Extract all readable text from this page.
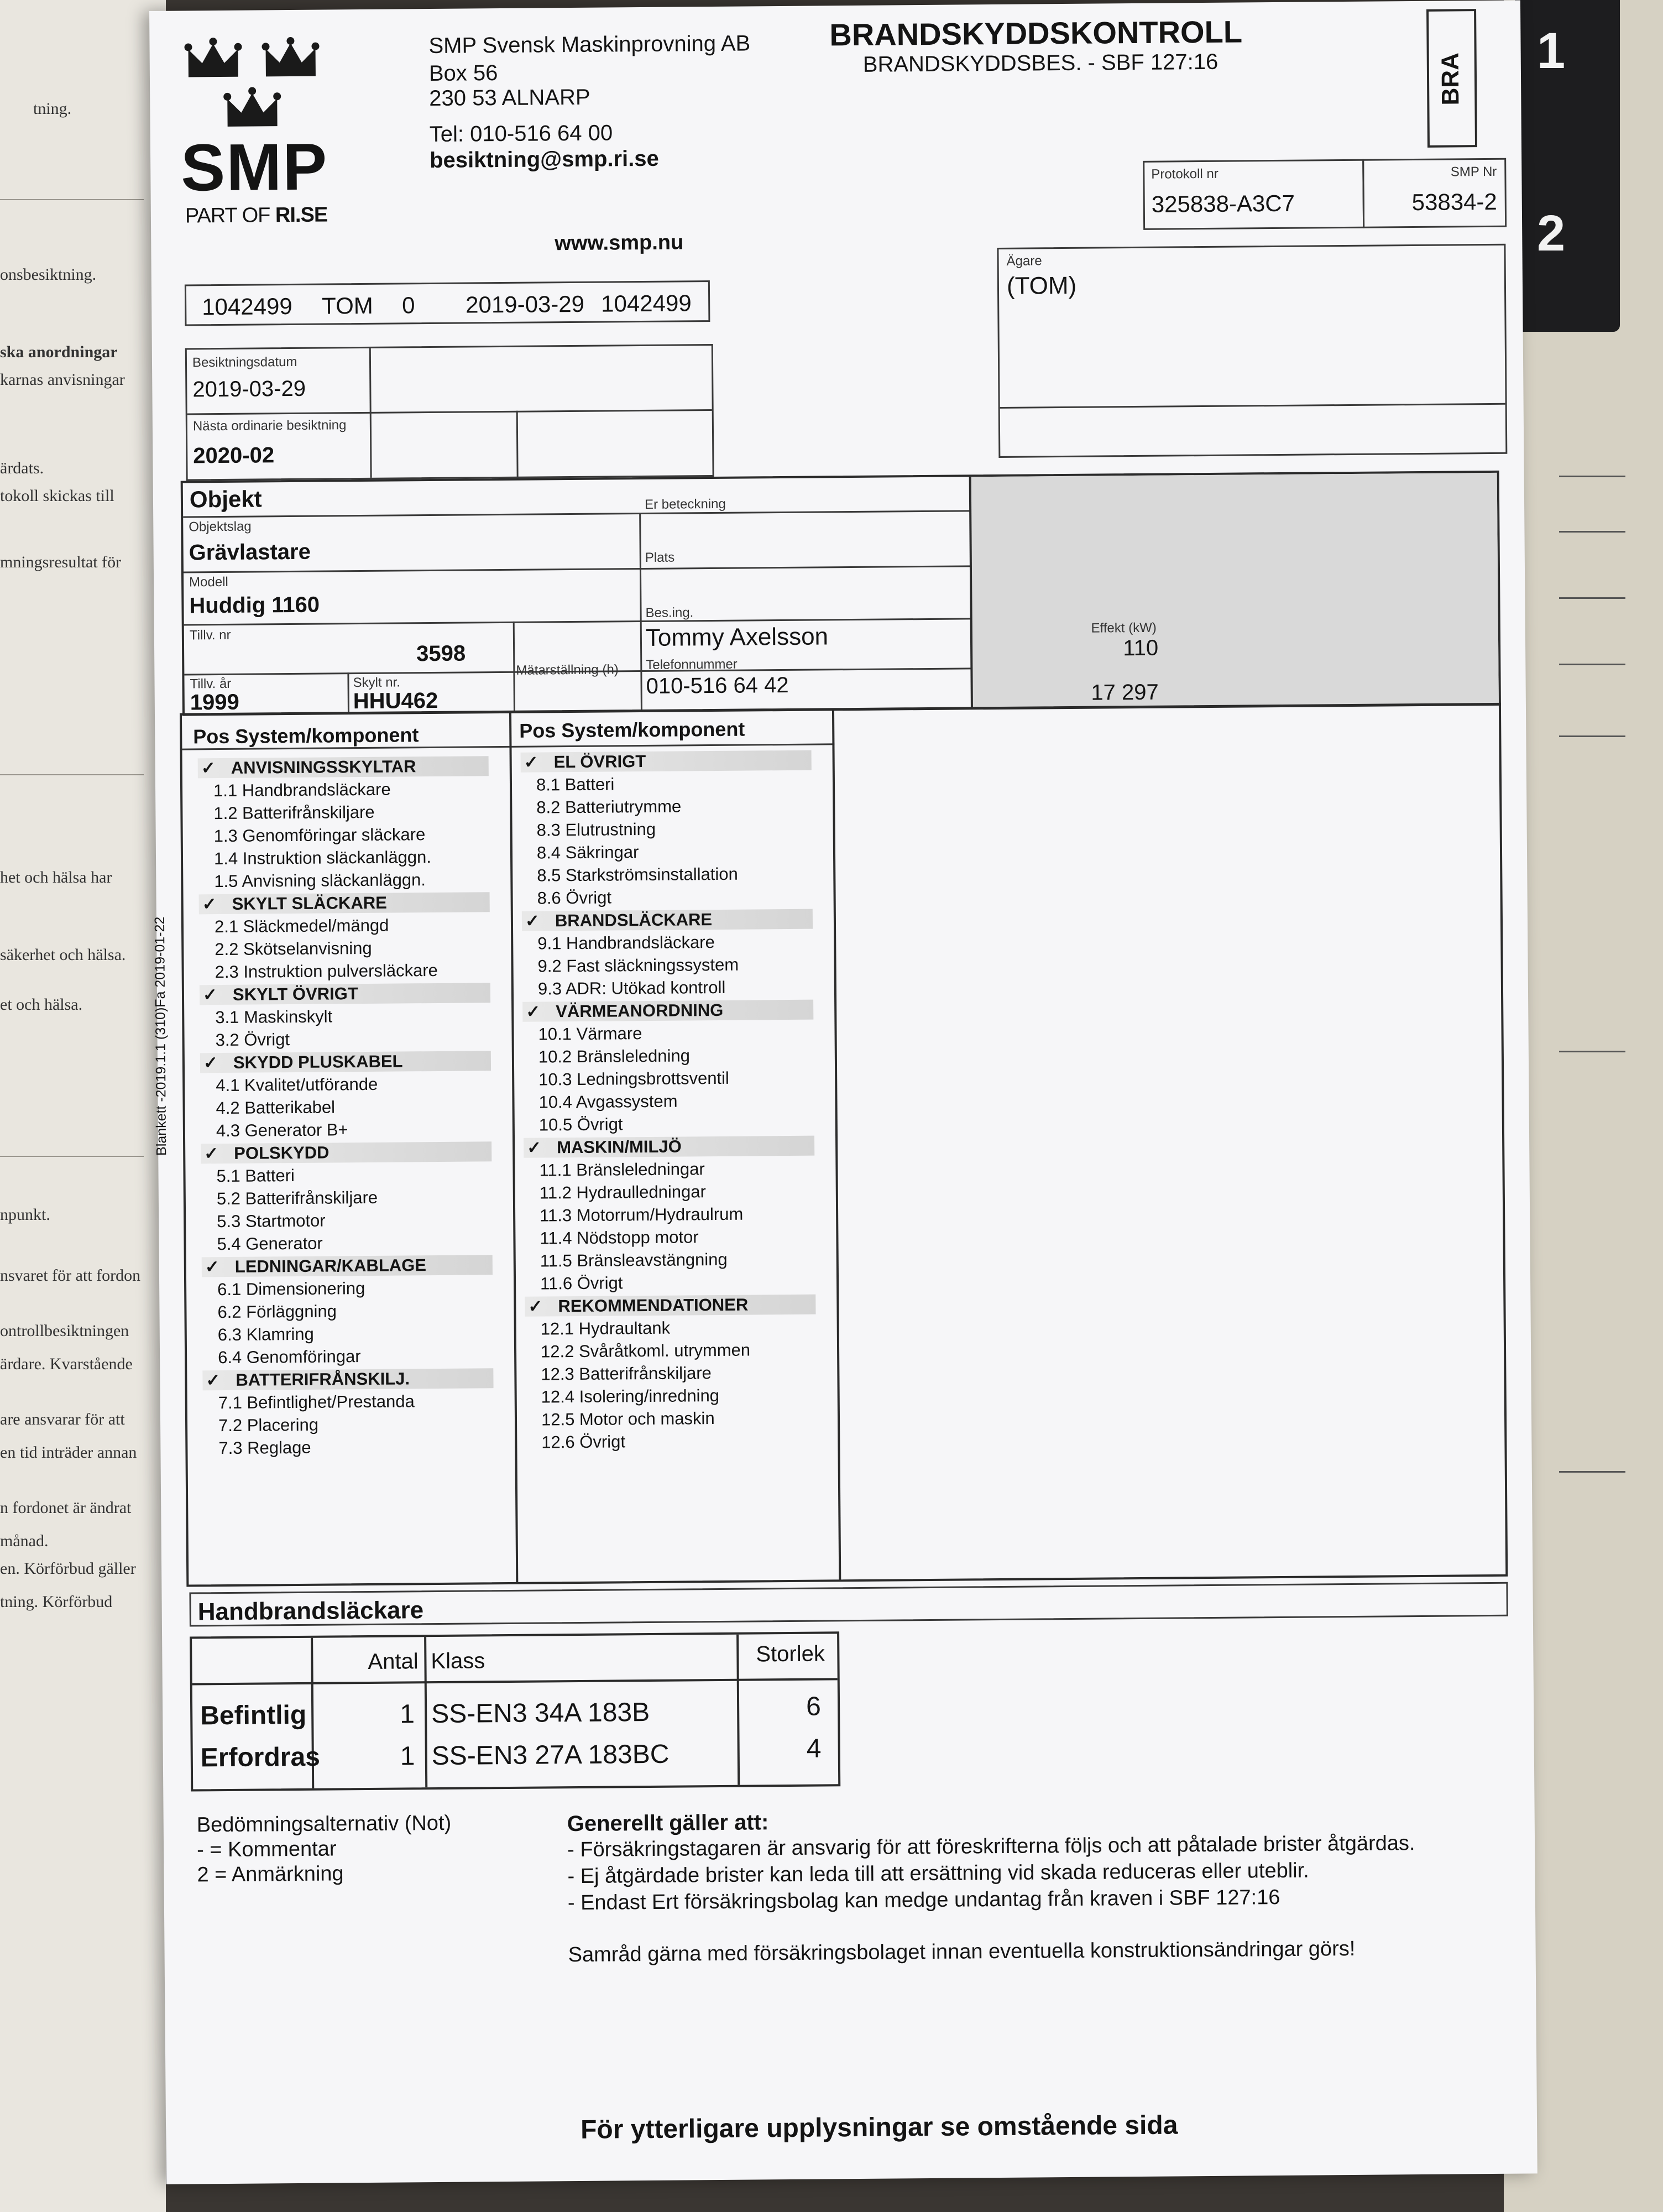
tning.
onsbesiktning.
ska anordningar
karnas anvisningar
ärdats.
tokoll skickas till
mningsresultat för
het och hälsa har
säkerhet och hälsa.
et och hälsa.
npunkt.
nsvaret för att fordon
ontrollbesiktningen
ärdare. Kvarstående
are ansvarar för att
en tid inträder annan
n fordonet är ändrat
månad.
en. Körförbud gäller
tning. Körförbud
1
2
SMP
PART OF RI.SE
SMP Svensk Maskinprovning AB
Box 56
230 53 ALNARP
Tel: 010-516 64 00
besiktning@smp.ri.se
www.smp.nu
BRANDSKYDDSKONTROLL
BRANDSKYDDSBES. - SBF 127:16	BRA
Protokoll nr
325838-A3C7
SMP Nr
53834-2
Ägare
(TOM)
1042499 TOM 0 2019-03-29 1042499
Besiktningsdatum
2019-03-29
Nästa ordinarie besiktning
2020-02
Objekt
Objektslag
Grävlastare
Er beteckning
Modell
Huddig 1160
Plats
Tillv. nr
3598
Effekt (kW)
110
Bes.ing.
Tommy Axelsson
Tillv. år
1999
Skylt nr.
HHU462
Mätarställning (h)
17 297
Telefonnummer
010-516 64 42
Pos System/komponent	Pos System/komponent
✓ ANVISNINGSSKYLTAR
1.1 Handbrandsläckare
1.2 Batterifrånskiljare
1.3 Genomföringar släckare
1.4 Instruktion släckanläggn.
1.5 Anvisning släckanläggn.
✓ SKYLT SLÄCKARE
2.1 Släckmedel/mängd
2.2 Skötselanvisning
2.3 Instruktion pulversläckare
✓ SKYLT ÖVRIGT
3.1 Maskinskylt
3.2 Övrigt
✓ SKYDD PLUSKABEL
4.1 Kvalitet/utförande
4.2 Batterikabel
4.3 Generator B+
✓ POLSKYDD
5.1 Batteri
5.2 Batterifrånskiljare
5.3 Startmotor
5.4 Generator
✓ LEDNINGAR/KABLAGE
6.1 Dimensionering
6.2 Förläggning
6.3 Klamring
6.4 Genomföringar
✓ BATTERIFRÅNSKILJ.
7.1 Befintlighet/Prestanda
7.2 Placering
7.3 Reglage
✓ EL ÖVRIGT
8.1 Batteri
8.2 Batteriutrymme
8.3 Elutrustning
8.4 Säkringar
8.5 Starkströmsinstallation
8.6 Övrigt
✓ BRANDSLÄCKARE
9.1 Handbrandsläckare
9.2 Fast släckningssystem
9.3 ADR: Utökad kontroll
✓ VÄRMEANORDNING
10.1 Värmare
10.2 Bränsleledning
10.3 Ledningsbrottsventil
10.4 Avgassystem
10.5 Övrigt
✓ MASKIN/MILJÖ
11.1 Bränsleledningar
11.2 Hydraulledningar
11.3 Motorrum/Hydraulrum
11.4 Nödstopp motor
11.5 Bränsleavstängning
11.6 Övrigt
✓ REKOMMENDATIONER
12.1 Hydraultank
12.2 Svåråtkoml. utrymmen
12.3 Batterifrånskiljare
12.4 Isolering/inredning
12.5 Motor och maskin
12.6 Övrigt
Blankett -2019.1.1 (310)Fa 2019-01-22
Handbrandsläckare
Antal Klass	Storlek
Befintlig	1 SS-EN3 34A 183B	6
Erfordras	1 SS-EN3 27A 183BC	4
Bedömningsalternativ (Not)
- = Kommentar
2 = Anmärkning
Generellt gäller att:
- Försäkringstagaren är ansvarig för att föreskrifterna följs och att påtalade brister åtgärdas.
- Ej åtgärdade brister kan leda till att ersättning vid skada reduceras eller uteblir.
- Endast Ert försäkringsbolag kan medge undantag från kraven i SBF 127:16
Samråd gärna med försäkringsbolaget innan eventuella konstruktionsändringar görs!
För ytterligare upplysningar se omstående sida
